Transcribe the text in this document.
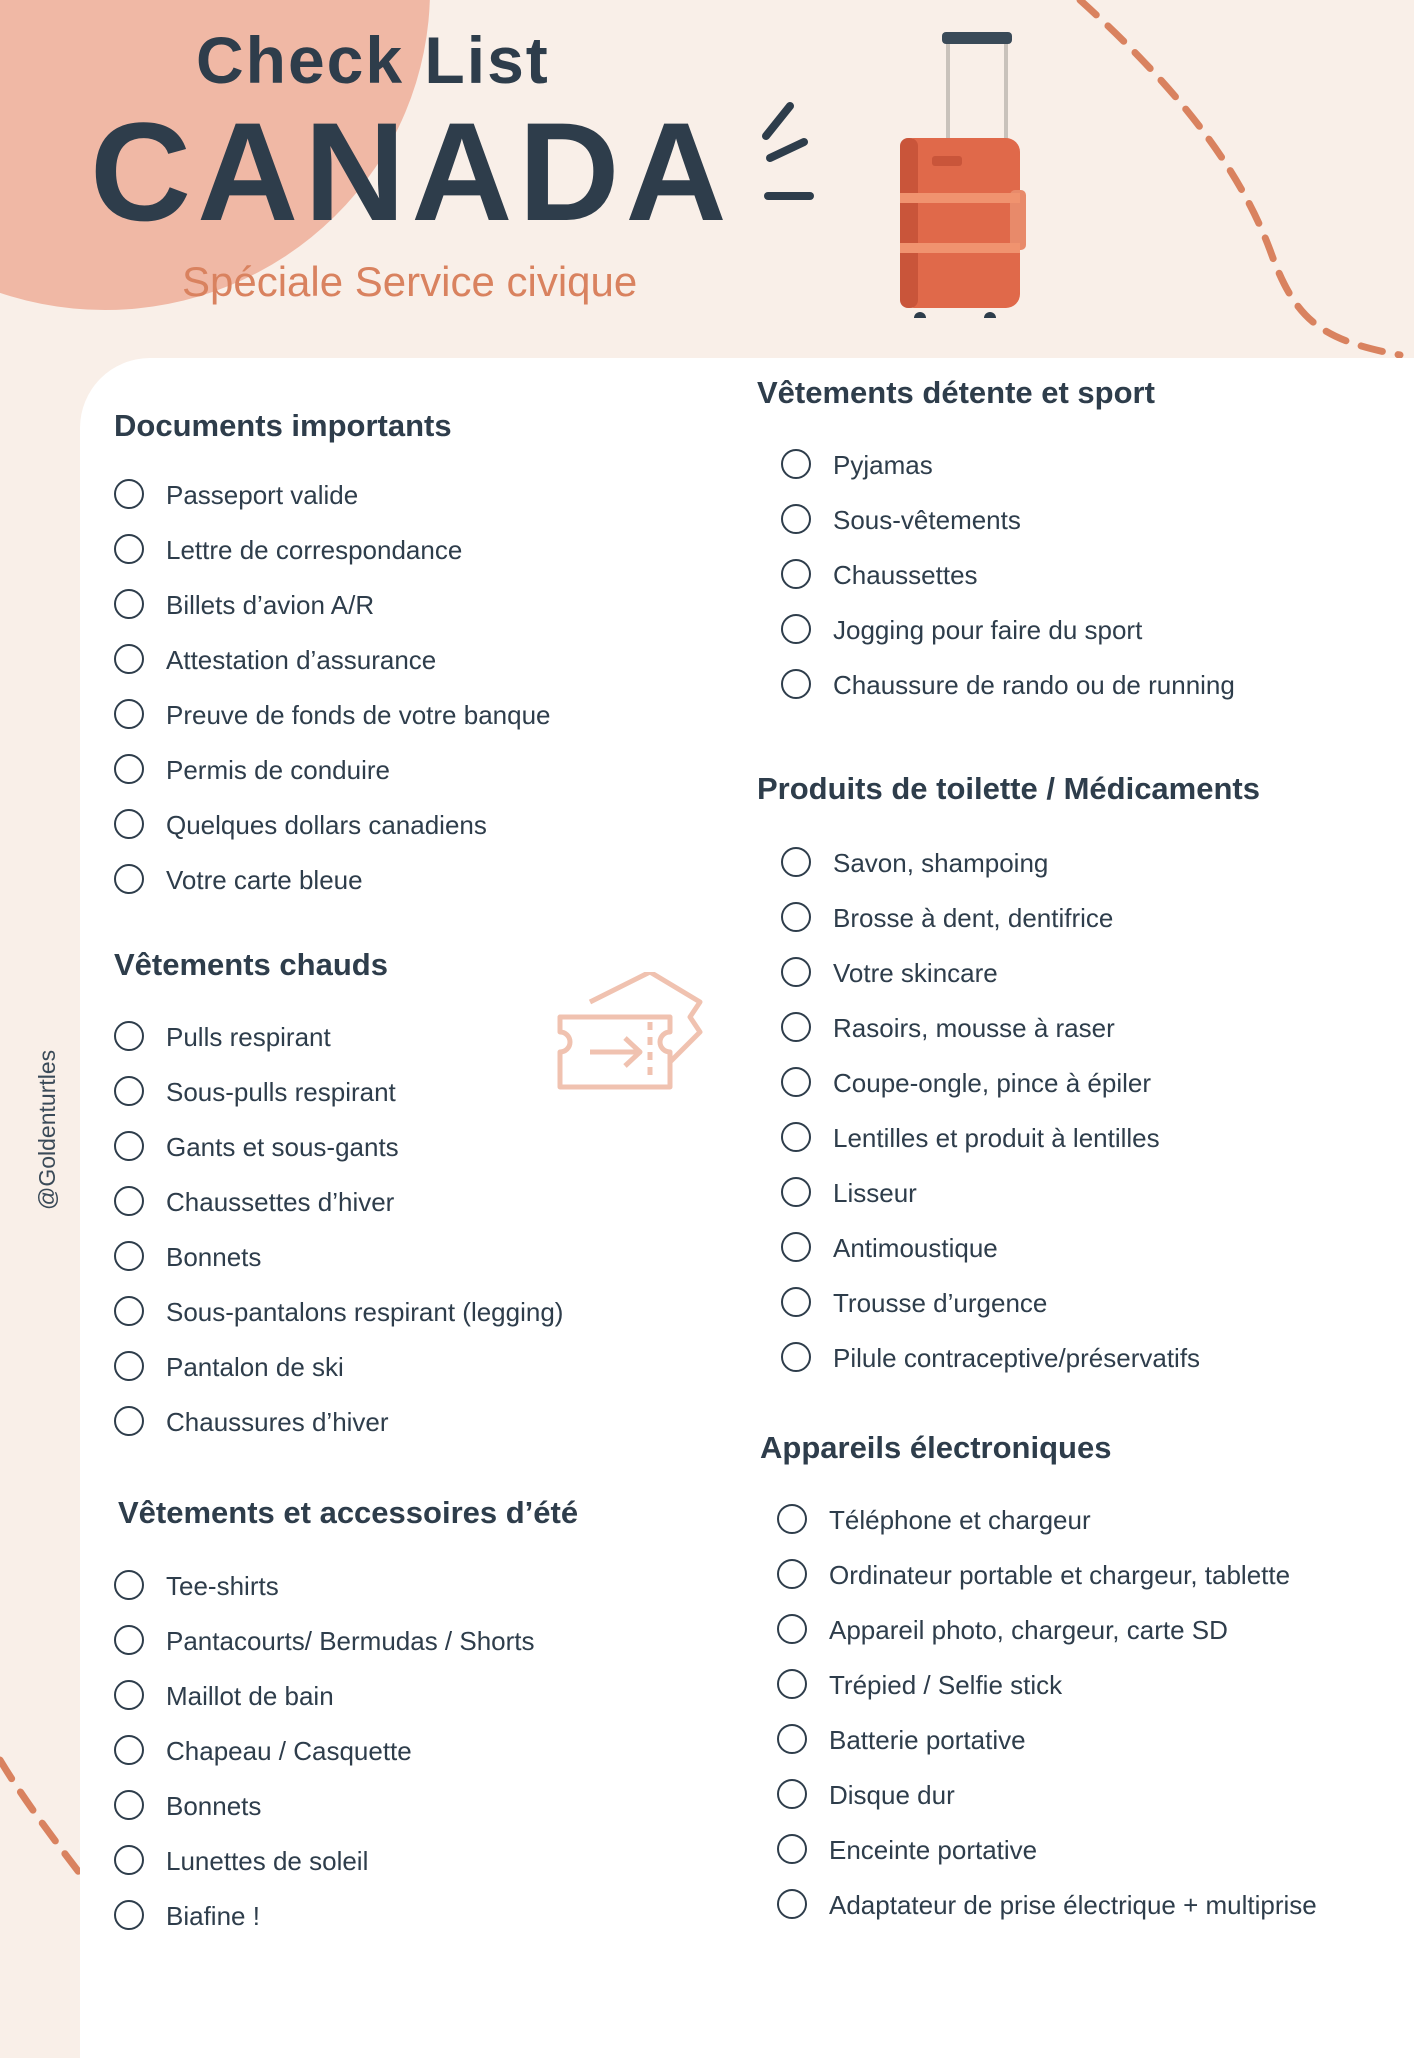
Check List
CANADA
Spéciale Service civique
@Goldenturtles
Documents importants
Passeport valide
Lettre de correspondance
Billets d’avion A/R
Attestation d’assurance
Preuve de fonds de votre banque
Permis de conduire
Quelques dollars canadiens
Votre carte bleue
Vêtements chauds
Pulls respirant
Sous-pulls respirant
Gants et sous-gants
Chaussettes d’hiver
Bonnets
Sous-pantalons respirant (legging)
Pantalon de ski
Chaussures d’hiver
Vêtements et accessoires d’été
Tee-shirts
Pantacourts/ Bermudas / Shorts
Maillot de bain
Chapeau / Casquette
Bonnets
Lunettes de soleil
Biafine !
Vêtements détente et sport
Pyjamas
Sous-vêtements
Chaussettes
Jogging pour faire du sport
Chaussure de rando ou de running
Produits de toilette / Médicaments
Savon, shampoing
Brosse à dent, dentifrice
Votre skincare
Rasoirs, mousse à raser
Coupe-ongle, pince à épiler
Lentilles et produit à lentilles
Lisseur
Antimoustique
Trousse d’urgence
Pilule contraceptive/préservatifs
Appareils électroniques
Téléphone et chargeur
Ordinateur portable et chargeur, tablette
Appareil photo, chargeur, carte SD
Trépied / Selfie stick
Batterie portative
Disque dur
Enceinte portative
Adaptateur de prise électrique + multiprise
